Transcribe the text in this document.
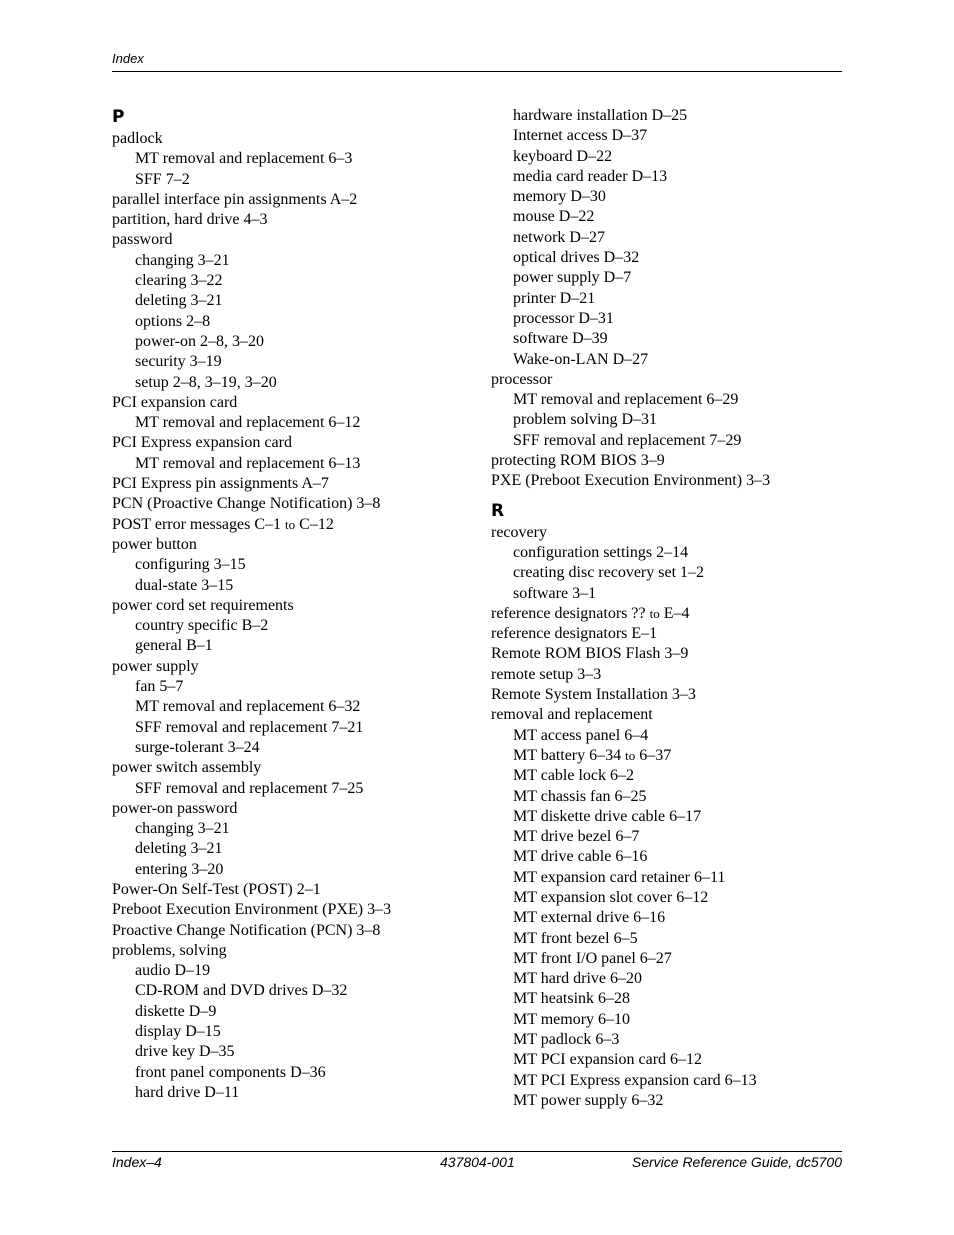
Index
P
padlock
MT removal and replacement 6–3
SFF 7–2
parallel interface pin assignments A–2
partition, hard drive 4–3
password
changing 3–21
clearing 3–22
deleting 3–21
options 2–8
power-on 2–8, 3–20
security 3–19
setup 2–8, 3–19, 3–20
PCI expansion card
MT removal and replacement 6–12
PCI Express expansion card
MT removal and replacement 6–13
PCI Express pin assignments A–7
PCN (Proactive Change Notification) 3–8
POST error messages C–1 to C–12
power button
configuring 3–15
dual-state 3–15
power cord set requirements
country specific B–2
general B–1
power supply
fan 5–7
MT removal and replacement 6–32
SFF removal and replacement 7–21
surge-tolerant 3–24
power switch assembly
SFF removal and replacement 7–25
power-on password
changing 3–21
deleting 3–21
entering 3–20
Power-On Self-Test (POST) 2–1
Preboot Execution Environment (PXE) 3–3
Proactive Change Notification (PCN) 3–8
problems, solving
audio D–19
CD-ROM and DVD drives D–32
diskette D–9
display D–15
drive key D–35
front panel components D–36
hard drive D–11
hardware installation D–25
Internet access D–37
keyboard D–22
media card reader D–13
memory D–30
mouse D–22
network D–27
optical drives D–32
power supply D–7
printer D–21
processor D–31
software D–39
Wake-on-LAN D–27
processor
MT removal and replacement 6–29
problem solving D–31
SFF removal and replacement 7–29
protecting ROM BIOS 3–9
PXE (Preboot Execution Environment) 3–3
R
recovery
configuration settings 2–14
creating disc recovery set 1–2
software 3–1
reference designators ?? to E–4
reference designators E–1
Remote ROM BIOS Flash 3–9
remote setup 3–3
Remote System Installation 3–3
removal and replacement
MT access panel 6–4
MT battery 6–34 to 6–37
MT cable lock 6–2
MT chassis fan 6–25
MT diskette drive cable 6–17
MT drive bezel 6–7
MT drive cable 6–16
MT expansion card retainer 6–11
MT expansion slot cover 6–12
MT external drive 6–16
MT front bezel 6–5
MT front I/O panel 6–27
MT hard drive 6–20
MT heatsink 6–28
MT memory 6–10
MT padlock 6–3
MT PCI expansion card 6–12
MT PCI Express expansion card 6–13
MT power supply 6–32
Index–4	437804-001	Service Reference Guide, dc5700
